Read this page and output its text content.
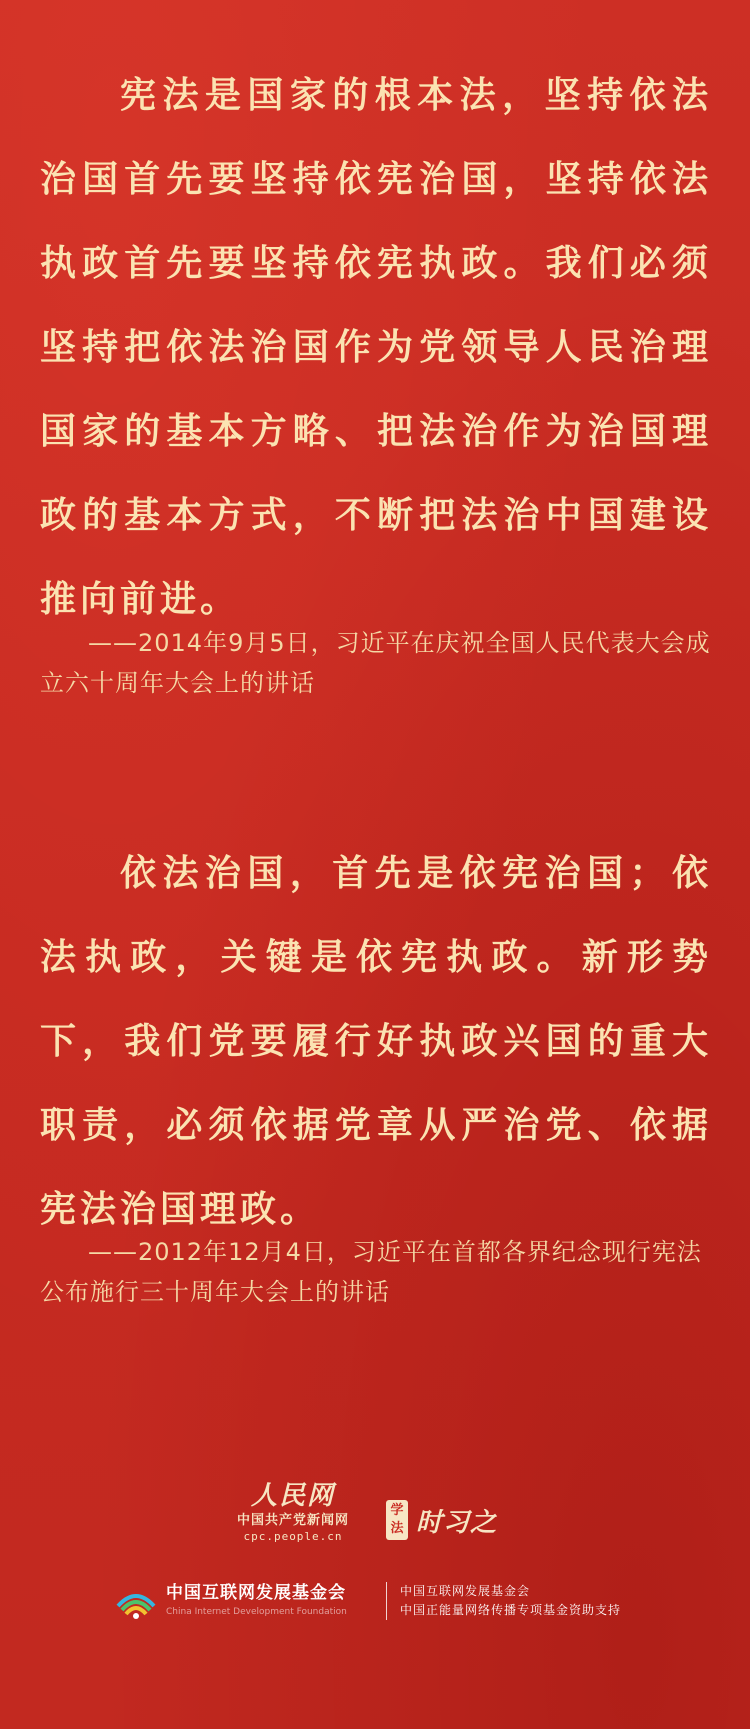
宪法是国家的根本法，坚持依法治国首先要坚持依宪治国，坚持依法执政首先要坚持依宪执政。我们必须坚持把依法治国作为党领导人民治理国家的基本方略、把法治作为治国理政的基本方式，不断把法治中国建设推向前进。

——2014年9月5日，习近平在庆祝全国人民代表大会成立六十周年大会上的讲话

依法治国，首先是依宪治国；依法执政，关键是依宪执政。新形势下，我们党要履行好执政兴国的重大职责，必须依据党章从严治党、依据宪法治国理政。

——2012年12月4日，习近平在首都各界纪念现行宪法公布施行三十周年大会上的讲话

人民网
中国共产党新闻网
cpc.people.cn
学
法 时习之
中国互联网发展基金会
China Internet Development Foundation
中国互联网发展基金会
中国正能量网络传播专项基金资助支持
